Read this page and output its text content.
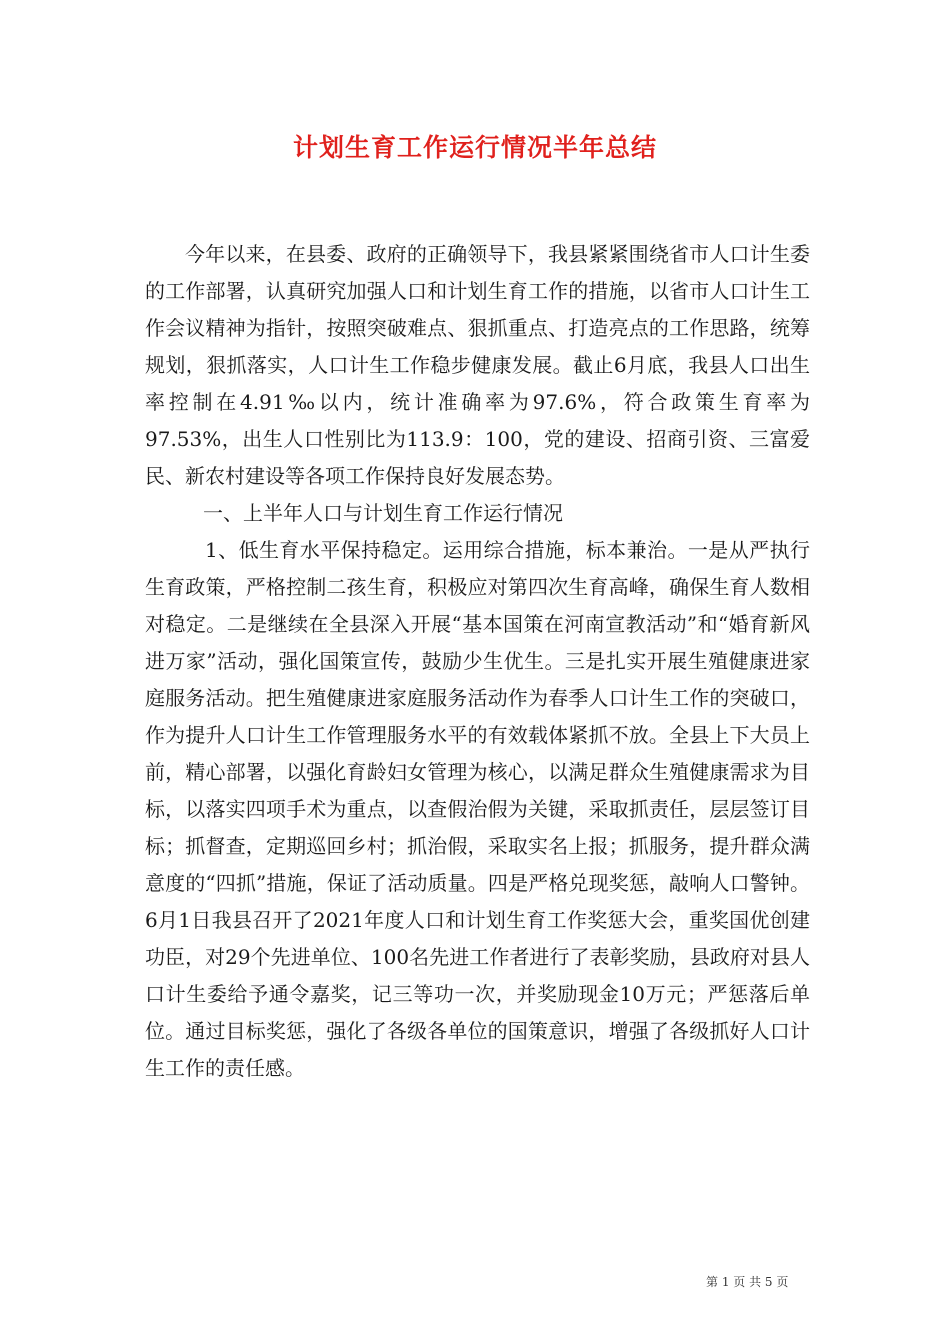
计划生育工作运行情况半年总结

今年以来，在县委、政府的正确领导下，我县紧紧围绕省市人口计生委的工作部署，认真研究加强人口和计划生育工作的措施，以省市人口计生工作会议精神为指针，按照突破难点、狠抓重点、打造亮点的工作思路，统筹规划，狠抓落实，人口计生工作稳步健康发展。截止6月底，我县人口出生率控制在4.91‰以内，统计准确率为97.6%，符合政策生育率为97.53%，出生人口性别比为113.9：100，党的建设、招商引资、三富爱民、新农村建设等各项工作保持良好发展态势。

一、上半年人口与计划生育工作运行情况

1、低生育水平保持稳定。运用综合措施，标本兼治。一是从严执行生育政策，严格控制二孩生育，积极应对第四次生育高峰，确保生育人数相对稳定。二是继续在全县深入开展“基本国策在河南宣教活动”和“婚育新风进万家”活动，强化国策宣传，鼓励少生优生。三是扎实开展生殖健康进家庭服务活动。把生殖健康进家庭服务活动作为春季人口计生工作的突破口，作为提升人口计生工作管理服务水平的有效载体紧抓不放。全县上下大员上前，精心部署，以强化育龄妇女管理为核心，以满足群众生殖健康需求为目标，以落实四项手术为重点，以查假治假为关键，采取抓责任，层层签订目标；抓督查，定期巡回乡村；抓治假，采取实名上报；抓服务，提升群众满意度的“四抓”措施，保证了活动质量。四是严格兑现奖惩，敲响人口警钟。6月1日我县召开了2021年度人口和计划生育工作奖惩大会，重奖国优创建功臣，对29个先进单位、100名先进工作者进行了表彰奖励，县政府对县人口计生委给予通令嘉奖，记三等功一次，并奖励现金10万元；严惩落后单位。通过目标奖惩，强化了各级各单位的国策意识，增强了各级抓好人口计生工作的责任感。

第 1 页 共 5 页
